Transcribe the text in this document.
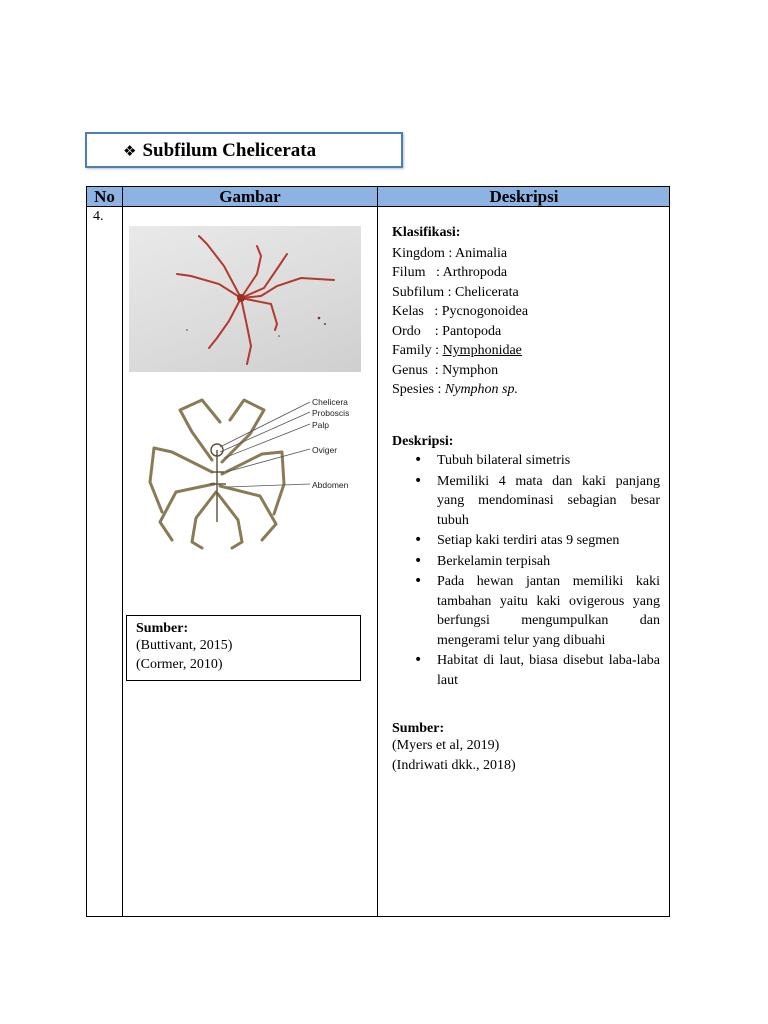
❖ Subfilum Chelicerata
No	Gambar	Deskripsi
4.
Chelicera
Proboscis
Palp
Oviger
Abdomen
Sumber:
(Buttivant, 2015)
(Cormer, 2010)
Klasifikasi:
Kingdom : Animalia
Filum   : Arthropoda
Subfilum : Chelicerata
Kelas   : Pycnogonoidea
Ordo    : Pantopoda
Family : Nymphonidae
Genus  : Nymphon
Spesies : Nymphon sp.
Deskripsi:
• Tubuh bilateral simetris
• Memiliki 4 mata dan kaki panjang yang mendominasi sebagian besar tubuh
• Setiap kaki terdiri atas 9 segmen
• Berkelamin terpisah
• Pada hewan jantan memiliki kaki tambahan yaitu kaki ovigerous yang berfungsi mengumpulkan dan mengerami telur yang dibuahi
• Habitat di laut, biasa disebut laba-laba laut
Sumber:
(Myers et al, 2019)
(Indriwati dkk., 2018)
